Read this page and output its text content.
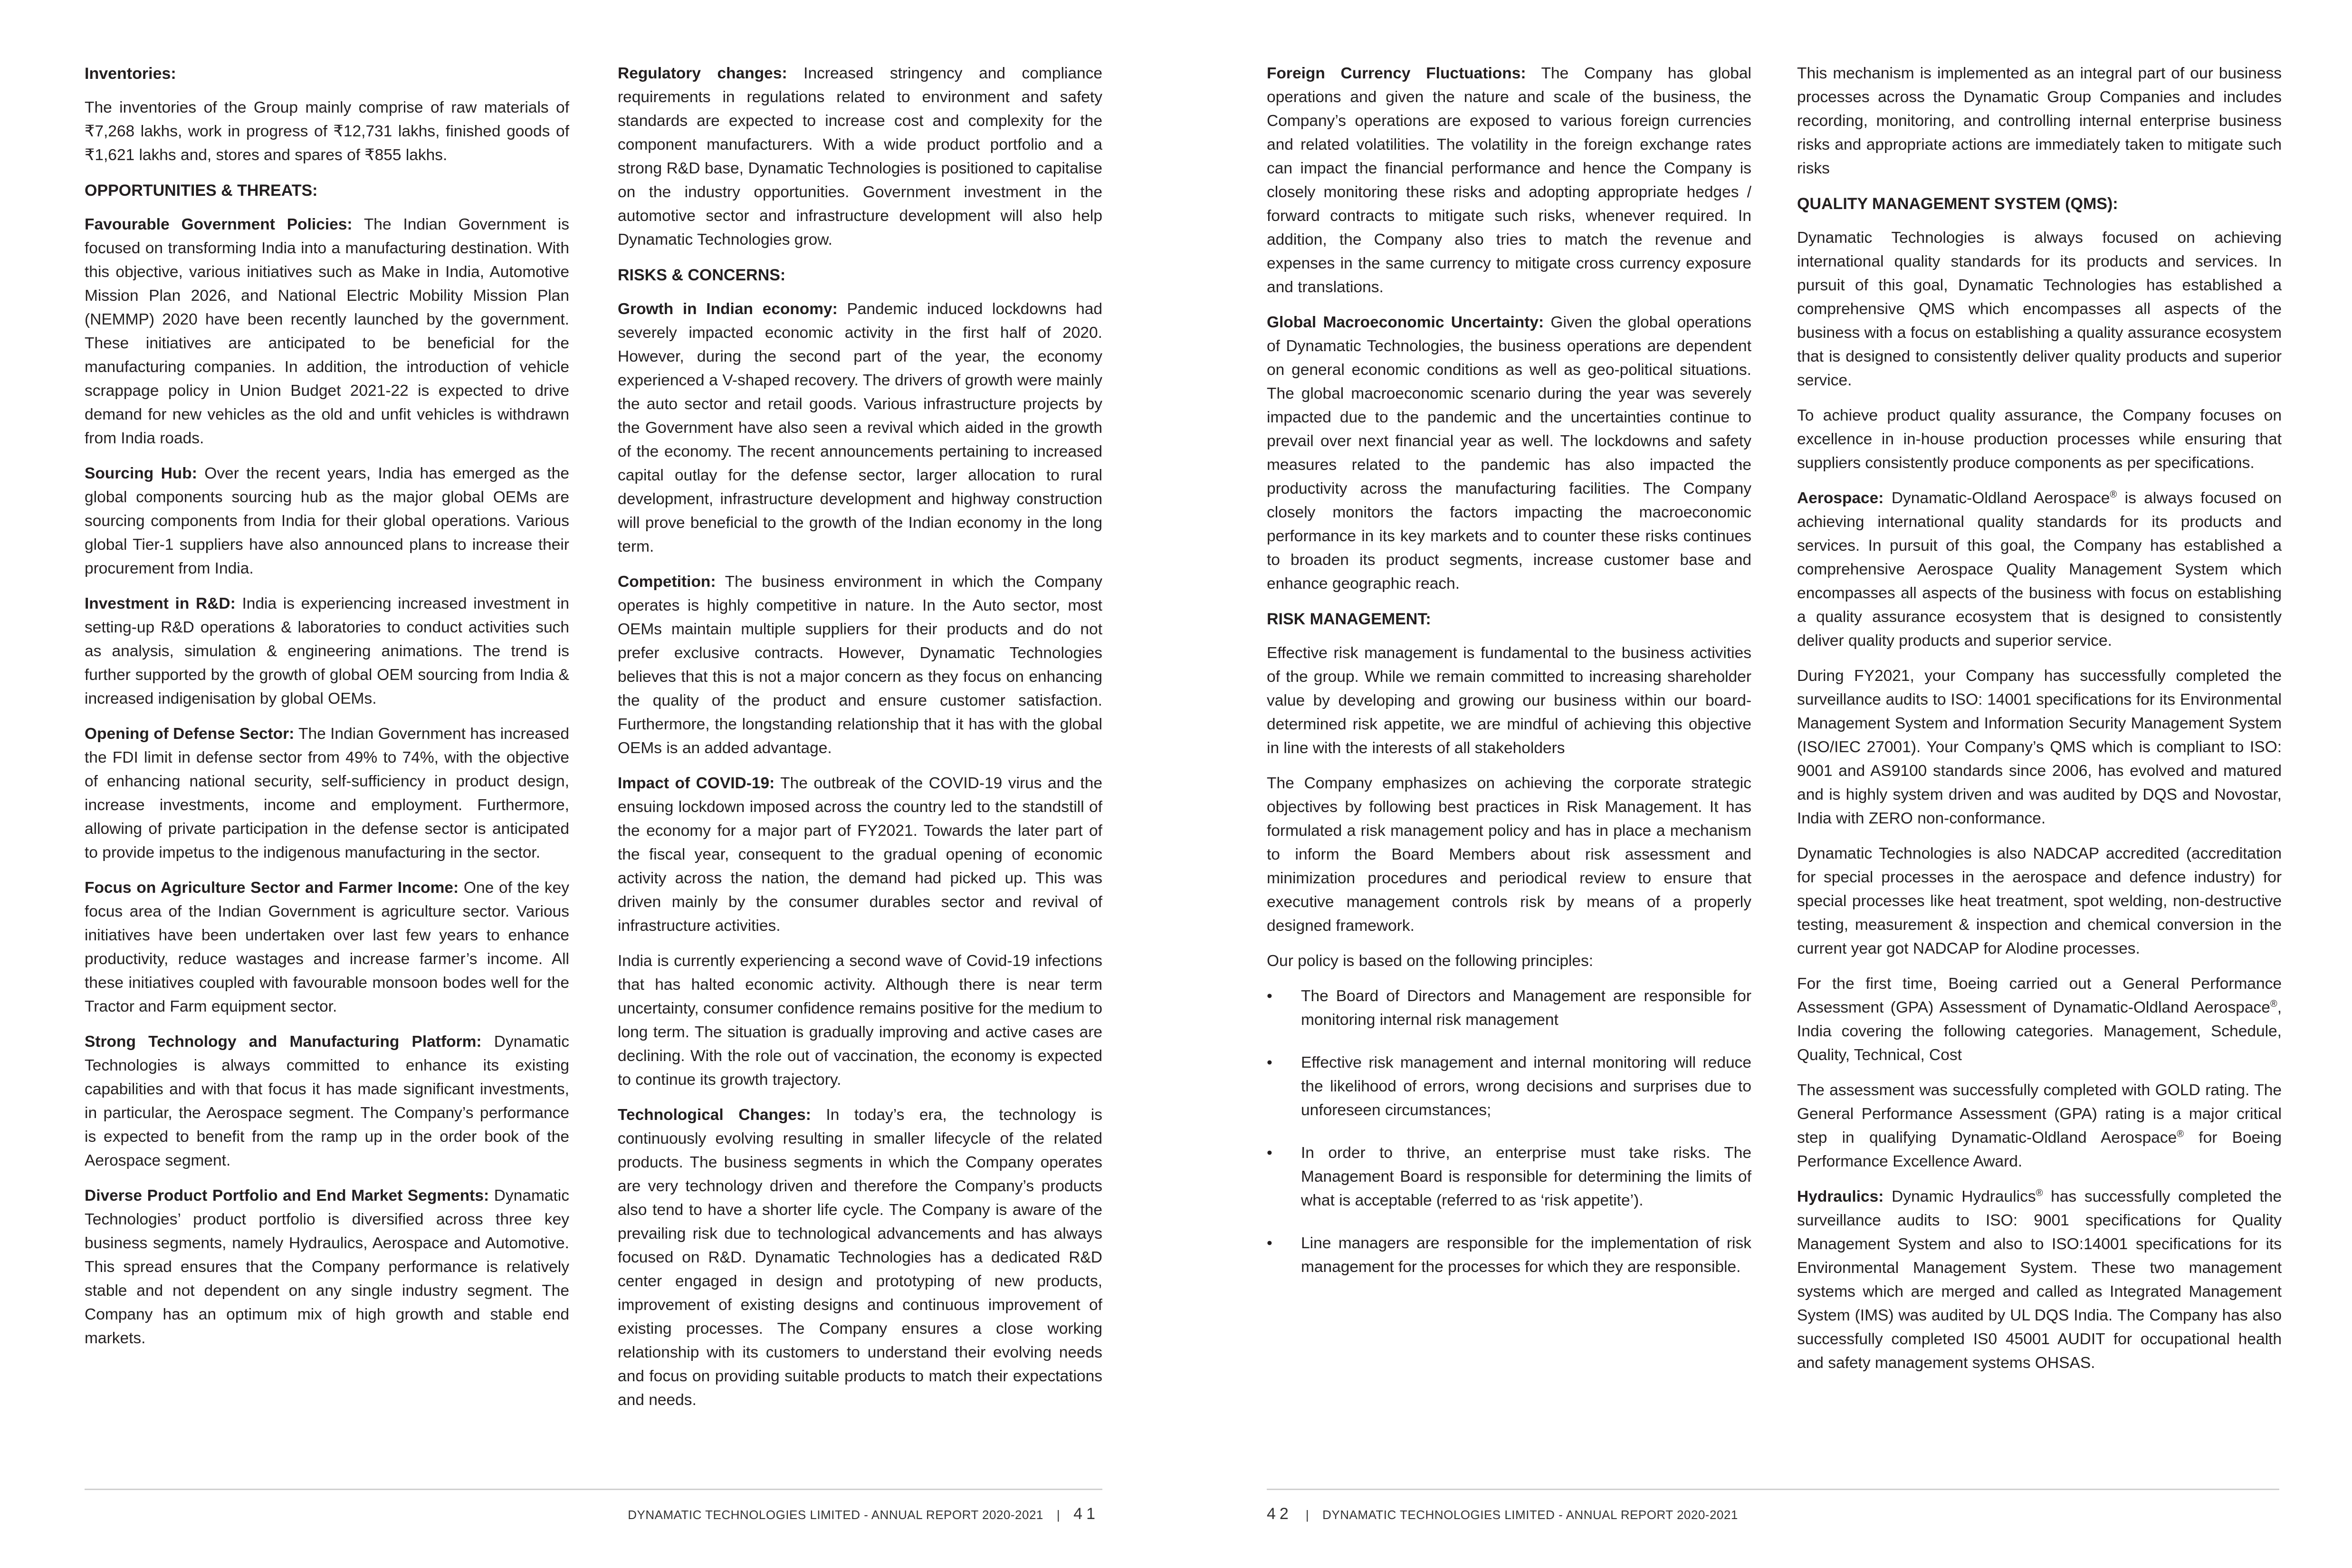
Inventories:

The inventories of the Group mainly comprise of raw materials of ₹7,268 lakhs, work in progress of ₹12,731 lakhs, finished goods of ₹1,621 lakhs and, stores and spares of ₹855 lakhs.

OPPORTUNITIES & THREATS:

Favourable Government Policies: The Indian Government is focused on transforming India into a manufacturing destination. With this objective, various initiatives such as Make in India, Automotive Mission Plan 2026, and National Electric Mobility Mission Plan (NEMMP) 2020 have been recently launched by the government. These initiatives are anticipated to be beneficial for the manufacturing companies. In addition, the introduction of vehicle scrappage policy in Union Budget 2021-22 is expected to drive demand for new vehicles as the old and unfit vehicles is withdrawn from India roads.

Sourcing Hub: Over the recent years, India has emerged as the global components sourcing hub as the major global OEMs are sourcing components from India for their global operations. Various global Tier-1 suppliers have also announced plans to increase their procurement from India.

Investment in R&D: India is experiencing increased investment in setting-up R&D operations & laboratories to conduct activities such as analysis, simulation & engineering animations. The trend is further supported by the growth of global OEM sourcing from India & increased indigenisation by global OEMs.

Opening of Defense Sector: The Indian Government has increased the FDI limit in defense sector from 49% to 74%, with the objective of enhancing national security, self-sufficiency in product design, increase investments, income and employment. Furthermore, allowing of private participation in the defense sector is anticipated to provide impetus to the indigenous manufacturing in the sector.

Focus on Agriculture Sector and Farmer Income: One of the key focus area of the Indian Government is agriculture sector. Various initiatives have been undertaken over last few years to enhance productivity, reduce wastages and increase farmer’s income. All these initiatives coupled with favourable monsoon bodes well for the Tractor and Farm equipment sector.

Strong Technology and Manufacturing Platform: Dynamatic Technologies is always committed to enhance its existing capabilities and with that focus it has made significant investments, in particular, the Aerospace segment. The Company’s performance is expected to benefit from the ramp up in the order book of the Aerospace segment.

Diverse Product Portfolio and End Market Segments: Dynamatic Technologies’ product portfolio is diversified across three key business segments, namely Hydraulics, Aerospace and Automotive. This spread ensures that the Company performance is relatively stable and not dependent on any single industry segment. The Company has an optimum mix of high growth and stable end markets.

Regulatory changes: Increased stringency and compliance requirements in regulations related to environment and safety standards are expected to increase cost and complexity for the component manufacturers. With a wide product portfolio and a strong R&D base, Dynamatic Technologies is positioned to capitalise on the industry opportunities. Government investment in the automotive sector and infrastructure development will also help Dynamatic Technologies grow.

RISKS & CONCERNS:

Growth in Indian economy: Pandemic induced lockdowns had severely impacted economic activity in the first half of 2020. However, during the second part of the year, the economy experienced a V-shaped recovery. The drivers of growth were mainly the auto sector and retail goods. Various infrastructure projects by the Government have also seen a revival which aided in the growth of the economy. The recent announcements pertaining to increased capital outlay for the defense sector, larger allocation to rural development, infrastructure development and highway construction will prove beneficial to the growth of the Indian economy in the long term.

Competition: The business environment in which the Company operates is highly competitive in nature. In the Auto sector, most OEMs maintain multiple suppliers for their products and do not prefer exclusive contracts. However, Dynamatic Technologies believes that this is not a major concern as they focus on enhancing the quality of the product and ensure customer satisfaction. Furthermore, the longstanding relationship that it has with the global OEMs is an added advantage.

Impact of COVID-19: The outbreak of the COVID-19 virus and the ensuing lockdown imposed across the country led to the standstill of the economy for a major part of FY2021. Towards the later part of the fiscal year, consequent to the gradual opening of economic activity across the nation, the demand had picked up. This was driven mainly by the consumer durables sector and revival of infrastructure activities.

India is currently experiencing a second wave of Covid-19 infections that has halted economic activity. Although there is near term uncertainty, consumer confidence remains positive for the medium to long term. The situation is gradually improving and active cases are declining. With the role out of vaccination, the economy is expected to continue its growth trajectory.

Technological Changes: In today’s era, the technology is continuously evolving resulting in smaller lifecycle of the related products. The business segments in which the Company operates are very technology driven and therefore the Company’s products also tend to have a shorter life cycle. The Company is aware of the prevailing risk due to technological advancements and has always focused on R&D. Dynamatic Technologies has a dedicated R&D center engaged in design and prototyping of new products, improvement of existing designs and continuous improvement of existing processes. The Company ensures a close working relationship with its customers to understand their evolving needs and focus on providing suitable products to match their expectations and needs.

Foreign Currency Fluctuations: The Company has global operations and given the nature and scale of the business, the Company’s operations are exposed to various foreign currencies and related volatilities. The volatility in the foreign exchange rates can impact the financial performance and hence the Company is closely monitoring these risks and adopting appropriate hedges / forward contracts to mitigate such risks, whenever required. In addition, the Company also tries to match the revenue and expenses in the same currency to mitigate cross currency exposure and translations.

Global Macroeconomic Uncertainty: Given the global operations of Dynamatic Technologies, the business operations are dependent on general economic conditions as well as geo-political situations. The global macroeconomic scenario during the year was severely impacted due to the pandemic and the uncertainties continue to prevail over next financial year as well. The lockdowns and safety measures related to the pandemic has also impacted the productivity across the manufacturing facilities. The Company closely monitors the factors impacting the macroeconomic performance in its key markets and to counter these risks continues to broaden its product segments, increase customer base and enhance geographic reach.

RISK MANAGEMENT:

Effective risk management is fundamental to the business activities of the group. While we remain committed to increasing shareholder value by developing and growing our business within our board-determined risk appetite, we are mindful of achieving this objective in line with the interests of all stakeholders

The Company emphasizes on achieving the corporate strategic objectives by following best practices in Risk Management. It has formulated a risk management policy and has in place a mechanism to inform the Board Members about risk assessment and minimization procedures and periodical review to ensure that executive management controls risk by means of a properly designed framework.

Our policy is based on the following principles:

• The Board of Directors and Management are responsible for monitoring internal risk management
• Effective risk management and internal monitoring will reduce the likelihood of errors, wrong decisions and surprises due to unforeseen circumstances;
• In order to thrive, an enterprise must take risks. The Management Board is responsible for determining the limits of what is acceptable (referred to as ‘risk appetite’).
• Line managers are responsible for the implementation of risk management for the processes for which they are responsible.

This mechanism is implemented as an integral part of our business processes across the Dynamatic Group Companies and includes recording, monitoring, and controlling internal enterprise business risks and appropriate actions are immediately taken to mitigate such risks

QUALITY MANAGEMENT SYSTEM (QMS):

Dynamatic Technologies is always focused on achieving international quality standards for its products and services. In pursuit of this goal, Dynamatic Technologies has established a comprehensive QMS which encompasses all aspects of the business with a focus on establishing a quality assurance ecosystem that is designed to consistently deliver quality products and superior service.

To achieve product quality assurance, the Company focuses on excellence in in-house production processes while ensuring that suppliers consistently produce components as per specifications.

Aerospace: Dynamatic-Oldland Aerospace® is always focused on achieving international quality standards for its products and services. In pursuit of this goal, the Company has established a comprehensive Aerospace Quality Management System which encompasses all aspects of the business with focus on establishing a quality assurance ecosystem that is designed to consistently deliver quality products and superior service.

During FY2021, your Company has successfully completed the surveillance audits to ISO: 14001 specifications for its Environmental Management System and Information Security Management System (ISO/IEC 27001). Your Company’s QMS which is compliant to ISO: 9001 and AS9100 standards since 2006, has evolved and matured and is highly system driven and was audited by DQS and Novostar, India with ZERO non-conformance.

Dynamatic Technologies is also NADCAP accredited (accreditation for special processes in the aerospace and defence industry) for special processes like heat treatment, spot welding, non-destructive testing, measurement & inspection and chemical conversion in the current year got NADCAP for Alodine processes.

For the first time, Boeing carried out a General Performance Assessment (GPA) Assessment of Dynamatic-Oldland Aerospace®, India covering the following categories. Management, Schedule, Quality, Technical, Cost

The assessment was successfully completed with GOLD rating. The General Performance Assessment (GPA) rating is a major critical step in qualifying Dynamatic-Oldland Aerospace® for Boeing Performance Excellence Award.

Hydraulics: Dynamic Hydraulics® has successfully completed the surveillance audits to ISO: 9001 specifications for Quality Management System and also to ISO:14001 specifications for its Environmental Management System. These two management systems which are merged and called as Integrated Management System (IMS) was audited by UL DQS India. The Company has also successfully completed IS0 45001 AUDIT for occupational health and safety management systems OHSAS.

DYNAMATIC TECHNOLOGIES LIMITED - ANNUAL REPORT 2020-2021 | 41	42 | DYNAMATIC TECHNOLOGIES LIMITED - ANNUAL REPORT 2020-2021
